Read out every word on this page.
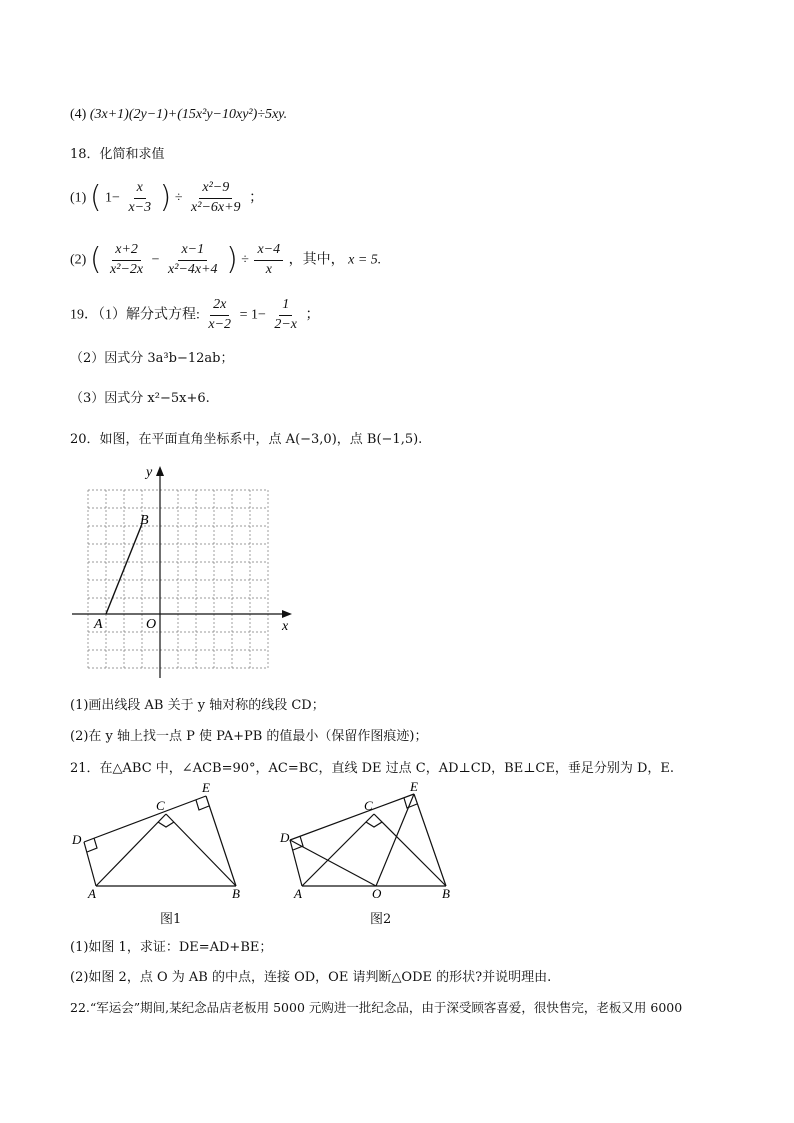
(4) (3x+1)(2y−1)+(15x²y−10xy²)÷5xy.
18．化简和求值
(1) ( $1- \frac{x}{x-3}$ ) ÷ $\frac{\text{x²−9}}{\text{x²−6x+9}}$ ；
(2) ( $\frac{x+2}{\text{x²−2x}} - \frac{x-1}{\text{x²−4x+4}}$ ) ÷ $\frac{x-4}{x}$ ，其中， x = 5.
19．（1）解分式方程: $\frac{2x}{x-2} = 1- \frac{1}{2-x}$ ；
（2）因式分 3a³b−12ab；
（3）因式分 x²−5x+6.
20．如图，在平面直角坐标系中，点 A(−3,0)，点 B(−1,5).
y
x
O
A
B
(1)画出线段 AB 关于 y 轴对称的线段 CD；
(2)在 y 轴上找一点 P 使 PA+PB 的值最小（保留作图痕迹)；
21．在△ABC 中，∠ACB=90°，AC=BC，直线 DE 过点 C，AD⊥CD，BE⊥CE，垂足分别为 D，E.
D
A	B
C
E
图1
D
A	B
O
C
E
图2
(1)如图 1，求证：DE=AD+BE；
(2)如图 2，点 O 为 AB 的中点，连接 OD，OE 请判断△ODE 的形状?并说明理由.
22.“军运会”期间,某纪念品店老板用 5000 元购进一批纪念品，由于深受顾客喜爱，很快售完，老板又用 6000
